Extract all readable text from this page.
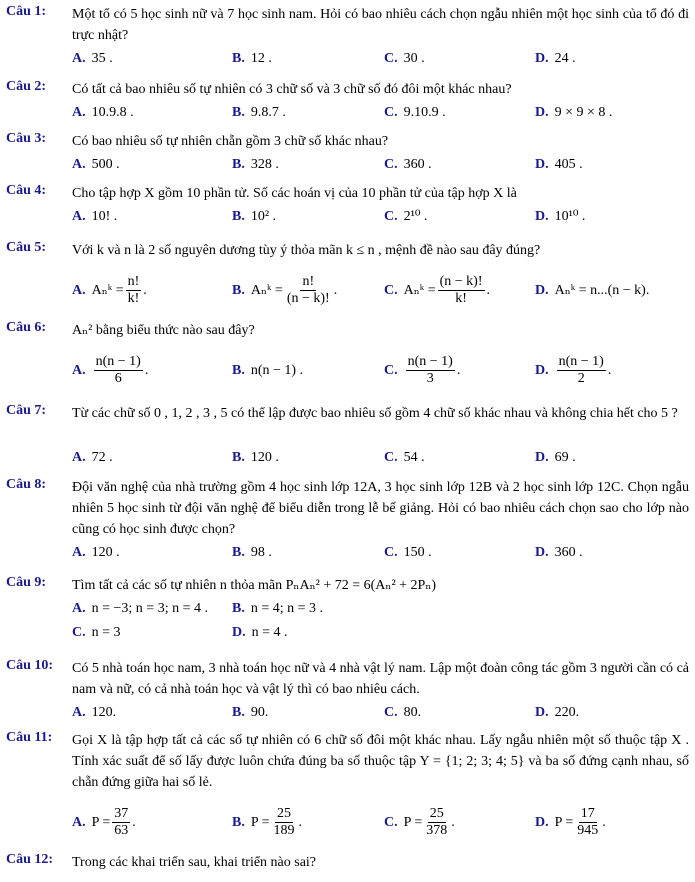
Câu 1: Một tổ có 5 học sinh nữ và 7 học sinh nam. Hỏi có bao nhiêu cách chọn ngẫu nhiên một học sinh của tổ đó đi trực nhật?
A. 35 .	B. 12 .	C. 30 .	D. 24 .
Câu 2: Có tất cả bao nhiêu số tự nhiên có 3 chữ số và 3 chữ số đó đôi một khác nhau?
A. 10.9.8 .	B. 9.8.7 .	C. 9.10.9 .	D. 9 × 9 × 8 .
Câu 3: Có bao nhiêu số tự nhiên chẵn gồm 3 chữ số khác nhau?
A. 500 .	B. 328 .	C. 360 .	D. 405 .
Câu 4: Cho tập hợp X gồm 10 phần tử. Số các hoán vị của 10 phần tử của tập hợp X là
A. 10! .	B. 10² .	C. 2¹⁰ .	D. 10¹⁰ .
Câu 5: Với k và n là 2 số nguyên dương tùy ý thỏa mãn k ≤ n , mệnh đề nào sau đây đúng?
A. Aₙᵏ = $\frac{n!}{k!}$ .	B. Aₙᵏ = $\frac{n!}{(n - k)!}$ .	C. Aₙᵏ = $\frac{(n - k)!}{k!}$ .	D. Aₙᵏ = n...(n − k).
Câu 6: Aₙ² bằng biểu thức nào sau đây?
A. $\frac{n(n - 1)}{6}$ .	B. n(n − 1) .	C. $\frac{n(n - 1)}{3}$ .	D. $\frac{n(n - 1)}{2}$ .
Câu 7: Từ các chữ số 0 , 1, 2 , 3 , 5 có thể lập được bao nhiêu số gồm 4 chữ số khác nhau và không chia hết cho 5 ?
A. 72 .	B. 120 .	C. 54 .	D. 69 .
Câu 8: Đội văn nghệ của nhà trường gồm 4 học sinh lớp 12A, 3 học sinh lớp 12B và 2 học sinh lớp 12C. Chọn ngẫu nhiên 5 học sinh từ đội văn nghệ để biểu diễn trong lễ bế giảng. Hỏi có bao nhiêu cách chọn sao cho lớp nào cũng có học sinh được chọn?
A. 120 .	B. 98 .	C. 150 .	D. 360 .
Câu 9: Tìm tất cả các số tự nhiên n thỏa mãn PₙAₙ² + 72 = 6(Aₙ² + 2Pₙ)
A. n = −3; n = 3; n = 4 . B. n = 4; n = 3 .
C. n = 3	D. n = 4 .
Câu 10: Có 5 nhà toán học nam, 3 nhà toán học nữ và 4 nhà vật lý nam. Lập một đoàn công tác gồm 3 người cần có cả nam và nữ, có cả nhà toán học và vật lý thì có bao nhiêu cách.
A. 120.	B. 90.	C. 80.	D. 220.
Câu 11: Gọi X là tập hợp tất cả các số tự nhiên có 6 chữ số đôi một khác nhau. Lấy ngẫu nhiên một số thuộc tập X . Tính xác suất để số lấy được luôn chứa đúng ba số thuộc tập Y = {1; 2; 3; 4; 5} và ba số đứng cạnh nhau, số chẵn đứng giữa hai số lẻ.
A. $P = \frac{37}{63}$ .	B. $P = \frac{25}{189}$ .	C. $P = \frac{25}{378}$ .	D. $P = \frac{17}{945}$ .
Câu 12: Trong các khai triển sau, khai triển nào sai?
